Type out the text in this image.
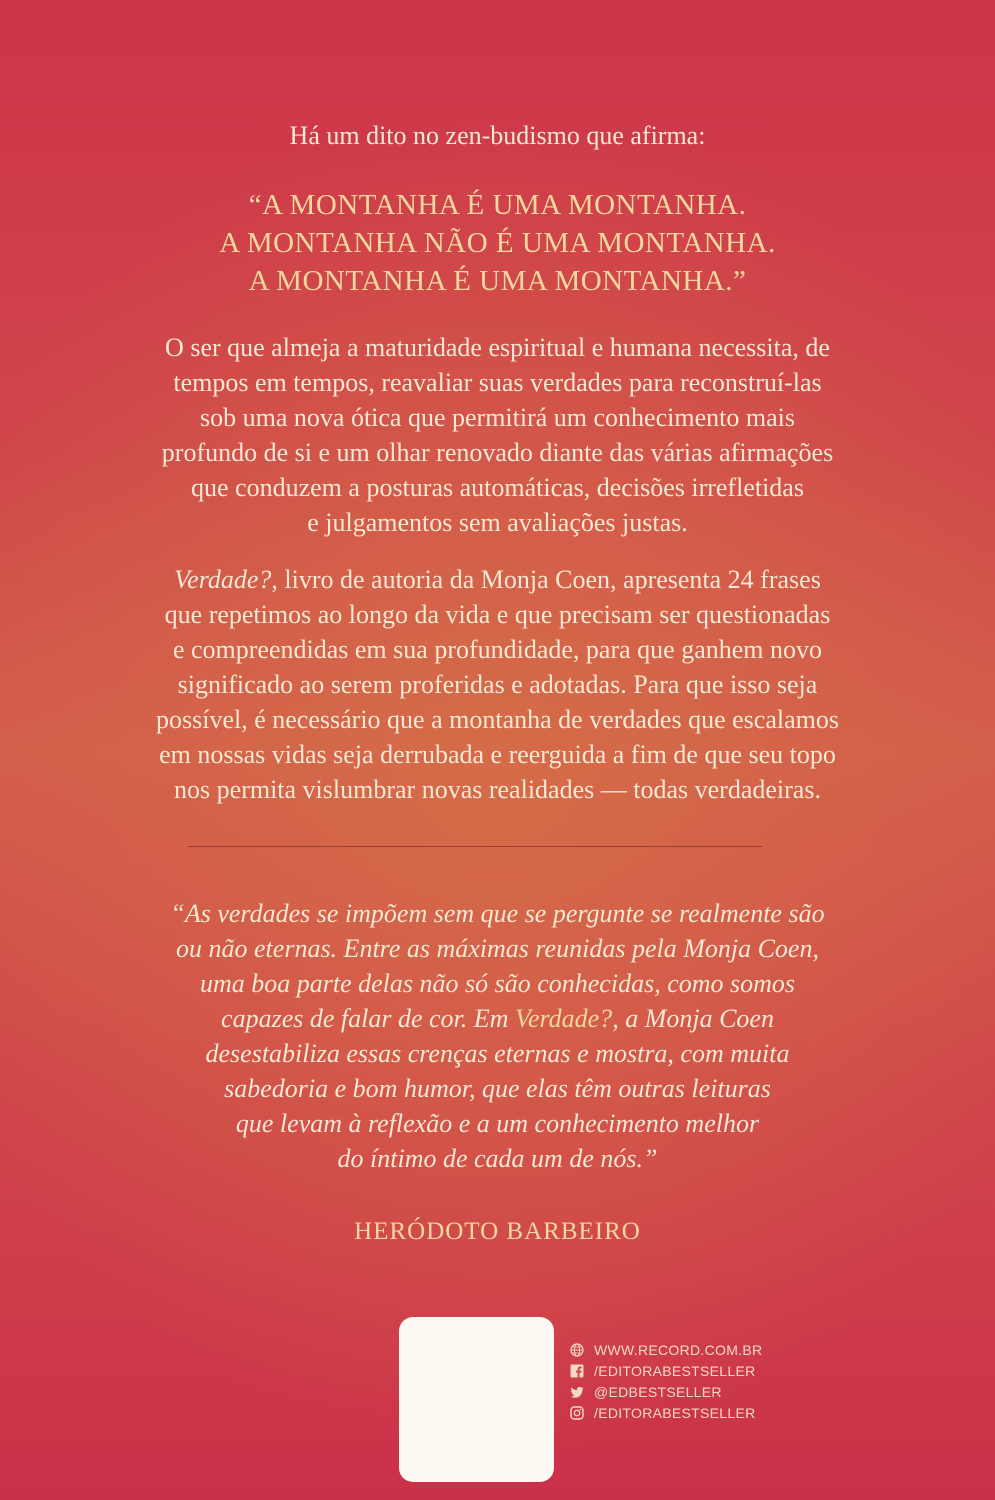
Há um dito no zen-budismo que afirma:
“A MONTANHA É UMA MONTANHA.
A MONTANHA NÃO É UMA MONTANHA.
A MONTANHA É UMA MONTANHA.”
O ser que almeja a maturidade espiritual e humana necessita, de
tempos em tempos, reavaliar suas verdades para reconstruí-las
sob uma nova ótica que permitirá um conhecimento mais
profundo de si e um olhar renovado diante das várias afirmações
que conduzem a posturas automáticas, decisões irrefletidas
e julgamentos sem avaliações justas.
Verdade?, livro de autoria da Monja Coen, apresenta 24 frases
que repetimos ao longo da vida e que precisam ser questionadas
e compreendidas em sua profundidade, para que ganhem novo
significado ao serem proferidas e adotadas. Para que isso seja
possível, é necessário que a montanha de verdades que escalamos
em nossas vidas seja derrubada e reerguida a fim de que seu topo
nos permita vislumbrar novas realidades — todas verdadeiras.
“As verdades se impõem sem que se pergunte se realmente são
ou não eternas. Entre as máximas reunidas pela Monja Coen,
uma boa parte delas não só são conhecidas, como somos
capazes de falar de cor. Em Verdade?, a Monja Coen
desestabiliza essas crenças eternas e mostra, com muita
sabedoria e bom humor, que elas têm outras leituras
que levam à reflexão e a um conhecimento melhor
do íntimo de cada um de nós.”
HERÓDOTO BARBEIRO
WWW.RECORD.COM.BR
/EDITORABESTSELLER
@EDBESTSELLER
/EDITORABESTSELLER
